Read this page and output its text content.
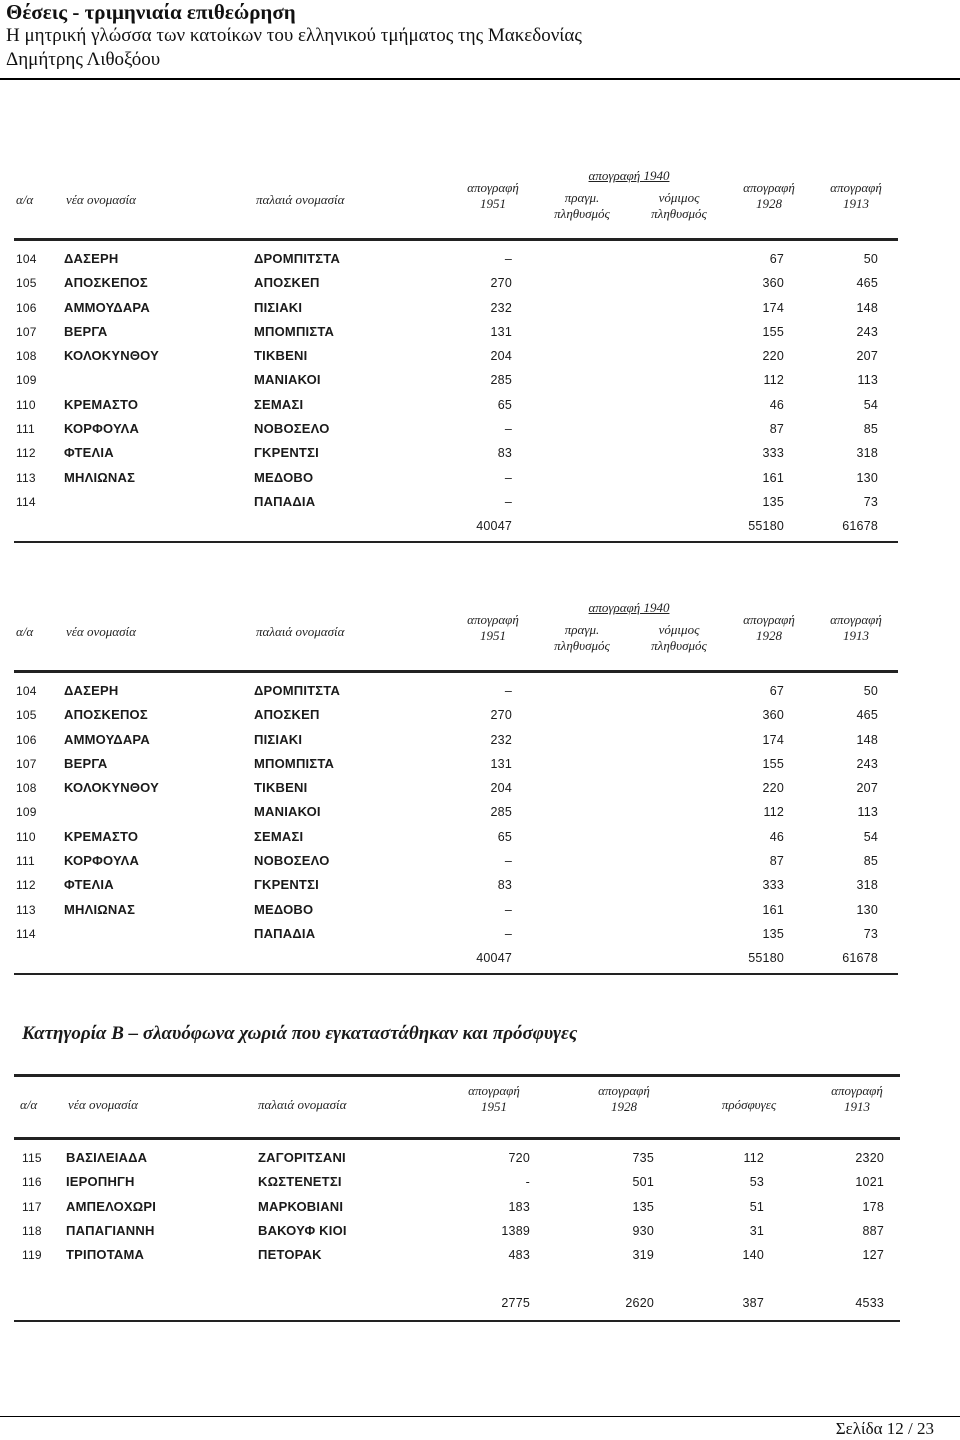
Θέσεις - τριμηνιαία επιθεώρηση
Η μητρική γλώσσα των κατοίκων του ελληνικού τμήματος της Μακεδονίας
Δημήτρης Λιθοξόου
α/α	νέα ονομασία	παλαιά ονομασία
απογραφή
1951
απογραφή 1940
πραγμ.
πληθυσμός
νόμιμος
πληθυσμός
απογραφή
1928
απογραφή
1913
104 ΔΑΣΕΡΗ	ΔΡΟΜΠΙΤΣΤΑ	–	67	50
105 ΑΠΟΣΚΕΠΟΣ	ΑΠΟΣΚΕΠ	270	360	465
106 ΑΜΜΟΥΔΑΡΑ	ΠΙΣΙΑΚΙ	232	174	148
107 ΒΕΡΓΑ	ΜΠΟΜΠΙΣΤΑ	131	155	243
108 ΚΟΛΟΚΥΝΘΟΥ	ΤΙΚΒΕΝΙ	204	220	207
109	ΜΑΝΙΑΚΟΙ	285	112	113
110 ΚΡΕΜΑΣΤΟ	ΣΕΜΑΣΙ	65	46	54
111 ΚΟΡΦΟΥΛΑ	ΝΟΒΟΣΕΛΟ	–	87	85
112 ΦΤΕΛΙΑ	ΓΚΡΕΝΤΣΙ	83	333	318
113 ΜΗΛΙΩΝΑΣ	ΜΕΔΟΒΟ	–	161	130
114	ΠΑΠΑΔΙΑ	–	135	73
40047	55180	61678
α/α	νέα ονομασία	παλαιά ονομασία
απογραφή
1951
απογραφή 1940
πραγμ.
πληθυσμός
νόμιμος
πληθυσμός
απογραφή
1928
απογραφή
1913
104 ΔΑΣΕΡΗ	ΔΡΟΜΠΙΤΣΤΑ	–	67	50
105 ΑΠΟΣΚΕΠΟΣ	ΑΠΟΣΚΕΠ	270	360	465
106 ΑΜΜΟΥΔΑΡΑ	ΠΙΣΙΑΚΙ	232	174	148
107 ΒΕΡΓΑ	ΜΠΟΜΠΙΣΤΑ	131	155	243
108 ΚΟΛΟΚΥΝΘΟΥ	ΤΙΚΒΕΝΙ	204	220	207
109	ΜΑΝΙΑΚΟΙ	285	112	113
110 ΚΡΕΜΑΣΤΟ	ΣΕΜΑΣΙ	65	46	54
111 ΚΟΡΦΟΥΛΑ	ΝΟΒΟΣΕΛΟ	–	87	85
112 ΦΤΕΛΙΑ	ΓΚΡΕΝΤΣΙ	83	333	318
113 ΜΗΛΙΩΝΑΣ	ΜΕΔΟΒΟ	–	161	130
114	ΠΑΠΑΔΙΑ	–	135	73
40047	55180	61678
Κατηγορία Β – σλαυόφωνα χωριά που εγκαταστάθηκαν και πρόσφυγες
α/α νέα ονομασία	παλαιά ονομασία
απογραφή
1951
απογραφή
1928	πρόσφυγες
απογραφή
1913
115 ΒΑΣΙΛΕΙΑΔΑ	ΖΑΓΟΡΙΤΣΑΝΙ	720	735	112	2320
116 ΙΕΡΟΠΗΓΗ	ΚΩΣΤΕΝΕΤΣΙ	-	501	53	1021
117 ΑΜΠΕΛΟΧΩΡΙ	ΜΑΡΚΟΒΙΑΝΙ	183	135	51	178
118 ΠΑΠΑΓΙΑΝΝΗ	ΒΑΚΟΥΦ ΚΙΟΙ	1389	930	31	887
119 ΤΡΙΠΟΤΑΜΑ	ΠΕΤΟΡΑΚ	483	319	140	127
2775	2620	387	4533
Σελίδα 12 / 23
